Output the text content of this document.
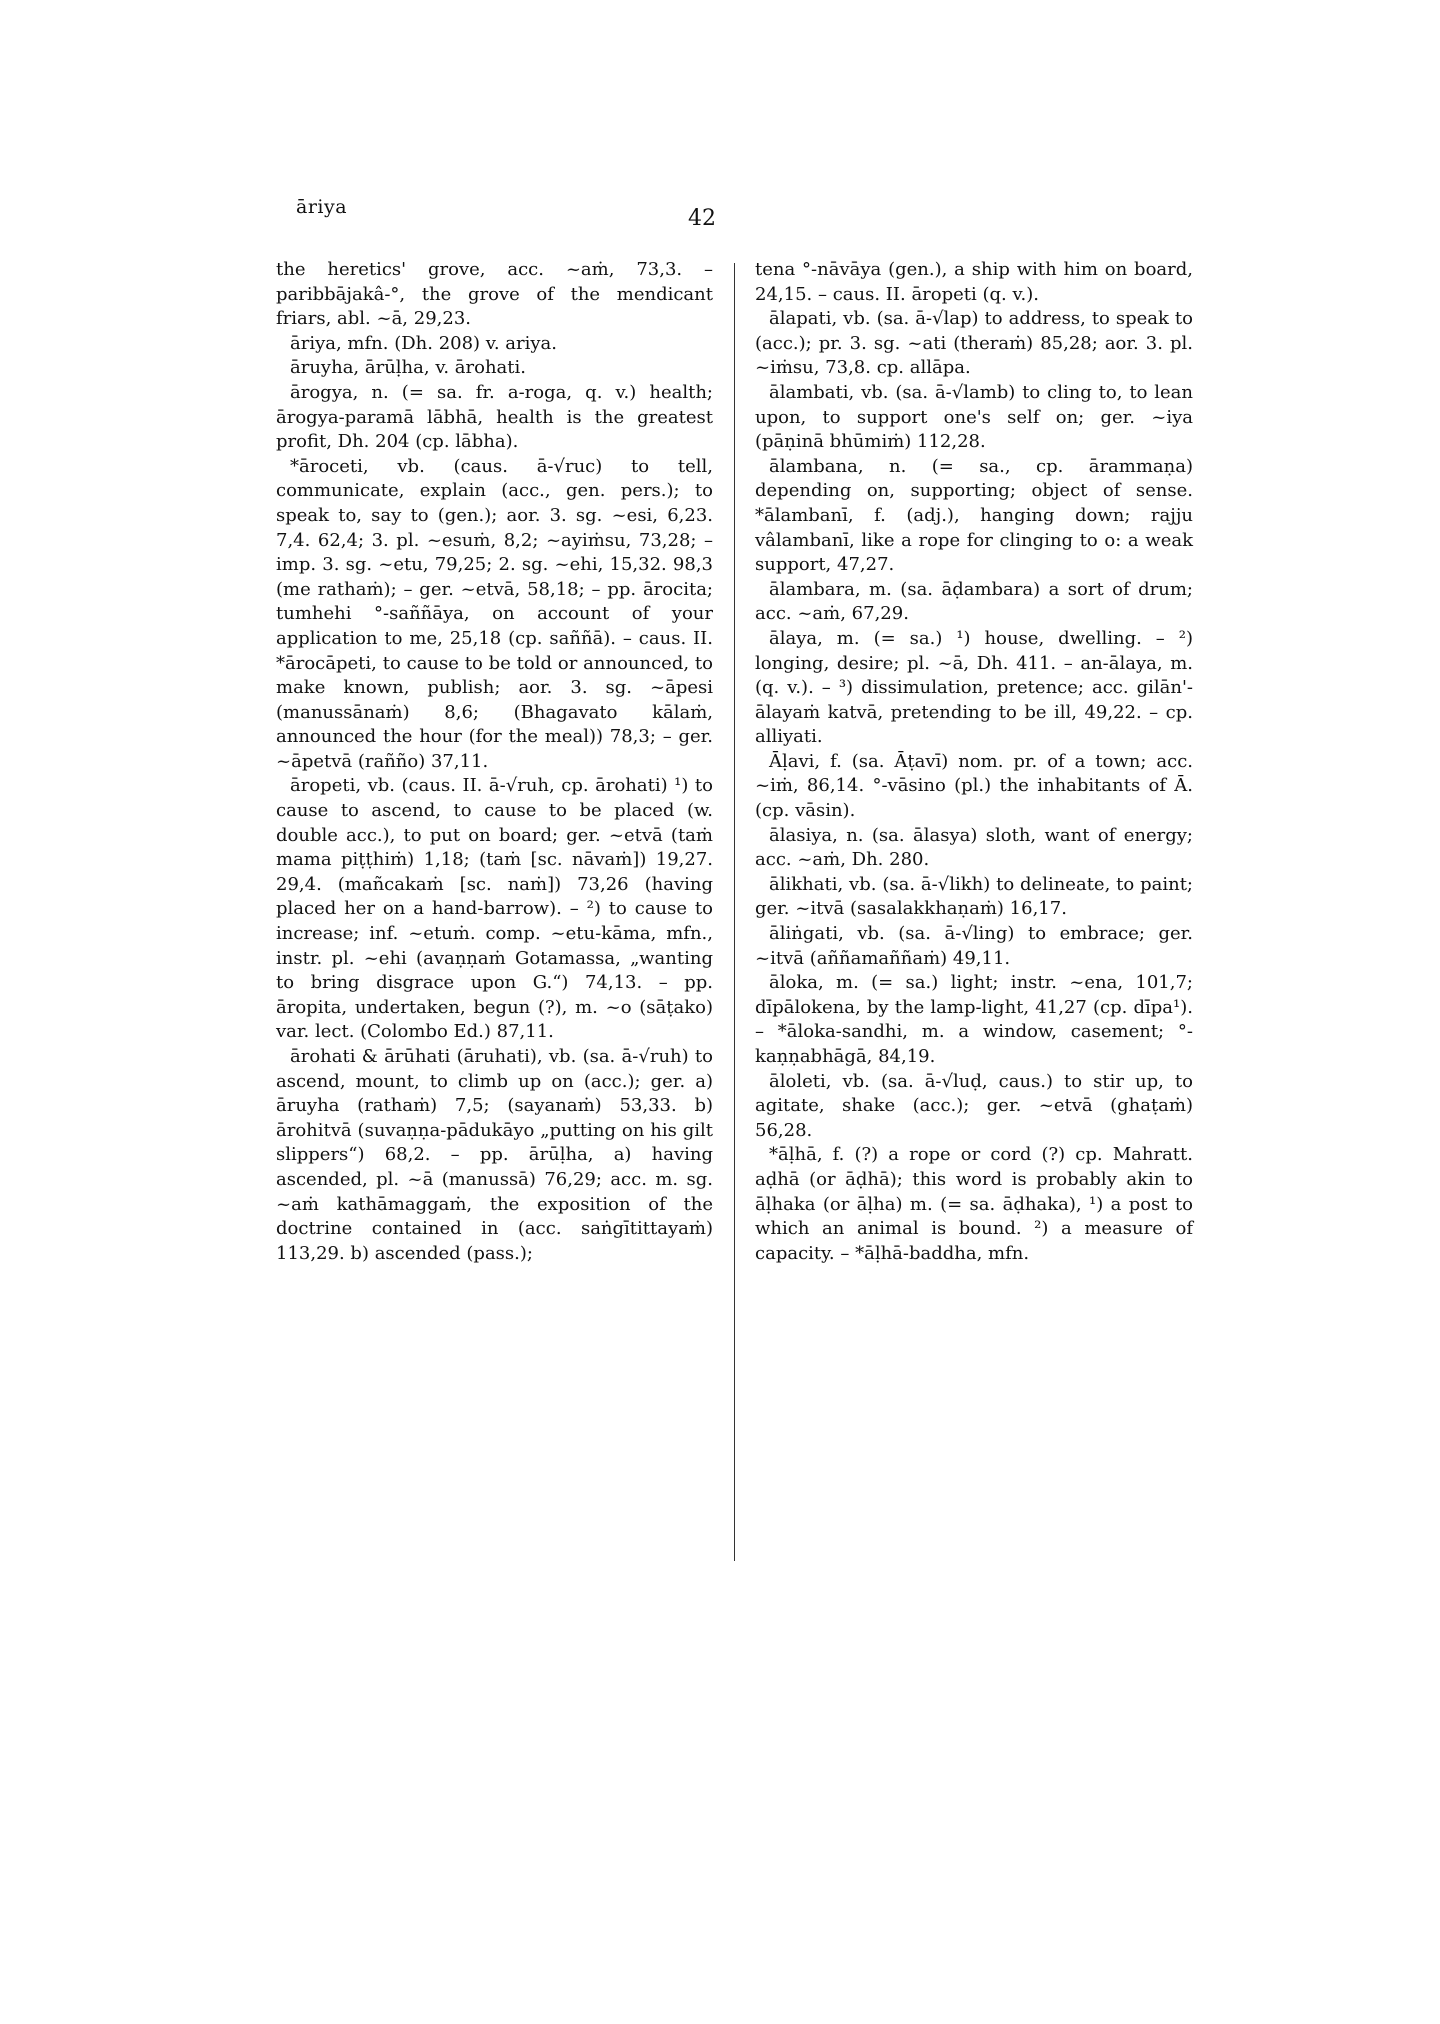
āriya	42

the heretics' grove, acc. ~aṁ, 73,3. – paribbājakâ-°, the grove of the mendicant friars, abl. ~ā, 29,23.

āriya, mfn. (Dh. 208) v. ariya.

āruyha, ārūḷha, v. ārohati.

ārogya, n. (= sa. fr. a-roga, q. v.) health; ārogya-paramā lābhā, health is the greatest profit, Dh. 204 (cp. lābha).

*āroceti, vb. (caus. ā-√ruc) to tell, communicate, explain (acc., gen. pers.); to speak to, say to (gen.); aor. 3. sg. ~esi, 6,23. 7,4. 62,4; 3. pl. ~esuṁ, 8,2; ~ayiṁsu, 73,28; – imp. 3. sg. ~etu, 79,25; 2. sg. ~ehi, 15,32. 98,3 (me rathaṁ); – ger. ~etvā, 58,18; – pp. ārocita; tumhehi °-saññāya, on account of your application to me, 25,18 (cp. saññā). – caus. II. *ārocāpeti, to cause to be told or announced, to make known, publish; aor. 3. sg. ~āpesi (manussānaṁ) 8,6; (Bhagavato kālaṁ, announced the hour (for the meal)) 78,3; – ger. ~āpetvā (rañño) 37,11.

āropeti, vb. (caus. II. ā-√ruh, cp. ārohati) ¹) to cause to ascend, to cause to be placed (w. double acc.), to put on board; ger. ~etvā (taṁ mama piṭṭhiṁ) 1,18; (taṁ [sc. nāvaṁ]) 19,27. 29,4. (mañcakaṁ [sc. naṁ]) 73,26 (having placed her on a hand-barrow). – ²) to cause to increase; inf. ~etuṁ. comp. ~etu-kāma, mfn., instr. pl. ~ehi (avaṇṇaṁ Gotamassa, „wanting to bring disgrace upon G.“) 74,13. – pp. āropita, undertaken, begun (?), m. ~o (sāṭako) var. lect. (Colombo Ed.) 87,11.

ārohati & ārūhati (āruhati), vb. (sa. ā-√ruh) to ascend, mount, to climb up on (acc.); ger. a) āruyha (rathaṁ) 7,5; (sayanaṁ) 53,33. b) ārohitvā (suvaṇṇa-pādukāyo „putting on his gilt slippers“) 68,2. – pp. ārūḷha, a) having ascended, pl. ~ā (manussā) 76,29; acc. m. sg. ~aṁ kathāmaggaṁ, the exposition of the doctrine contained in (acc. saṅgītittayaṁ) 113,29. b) ascended (pass.);

tena °-nāvāya (gen.), a ship with him on board, 24,15. – caus. II. āropeti (q. v.).

ālapati, vb. (sa. ā-√lap) to address, to speak to (acc.); pr. 3. sg. ~ati (theraṁ) 85,28; aor. 3. pl. ~iṁsu, 73,8. cp. allāpa.

ālambati, vb. (sa. ā-√lamb) to cling to, to lean upon, to support one's self on; ger. ~iya (pāṇinā bhūmiṁ) 112,28.

ālambana, n. (= sa., cp. ārammaṇa) depending on, supporting; object of sense. *ālambanī, f. (adj.), hanging down; rajju vâlambanī, like a rope for clinging to o: a weak support, 47,27.

ālambara, m. (sa. āḍambara) a sort of drum; acc. ~aṁ, 67,29.

ālaya, m. (= sa.) ¹) house, dwelling. – ²) longing, desire; pl. ~ā, Dh. 411. – an-ālaya, m. (q. v.). – ³) dissimulation, pretence; acc. gilān'-ālayaṁ katvā, pretending to be ill, 49,22. – cp. alliyati.

Āḷavi, f. (sa. Āṭavī) nom. pr. of a town; acc. ~iṁ, 86,14. °-vāsino (pl.) the inhabitants of Ā. (cp. vāsin).

ālasiya, n. (sa. ālasya) sloth, want of energy; acc. ~aṁ, Dh. 280.

ālikhati, vb. (sa. ā-√likh) to delineate, to paint; ger. ~itvā (sasalakkhaṇaṁ) 16,17.

āliṅgati, vb. (sa. ā-√ling) to embrace; ger. ~itvā (aññamaññaṁ) 49,11.

āloka, m. (= sa.) light; instr. ~ena, 101,7; dīpālokena, by the lamp-light, 41,27 (cp. dīpa¹). – *āloka-sandhi, m. a window, casement; °-kaṇṇabhāgā, 84,19.

āloleti, vb. (sa. ā-√luḍ, caus.) to stir up, to agitate, shake (acc.); ger. ~etvā (ghaṭaṁ) 56,28.

*āḷhā, f. (?) a rope or cord (?) cp. Mahratt. aḍhā (or āḍhā); this word is probably akin to āḷhaka (or āḷha) m. (= sa. āḍhaka), ¹) a post to which an animal is bound. ²) a measure of capacity. – *āḷhā-baddha, mfn.
